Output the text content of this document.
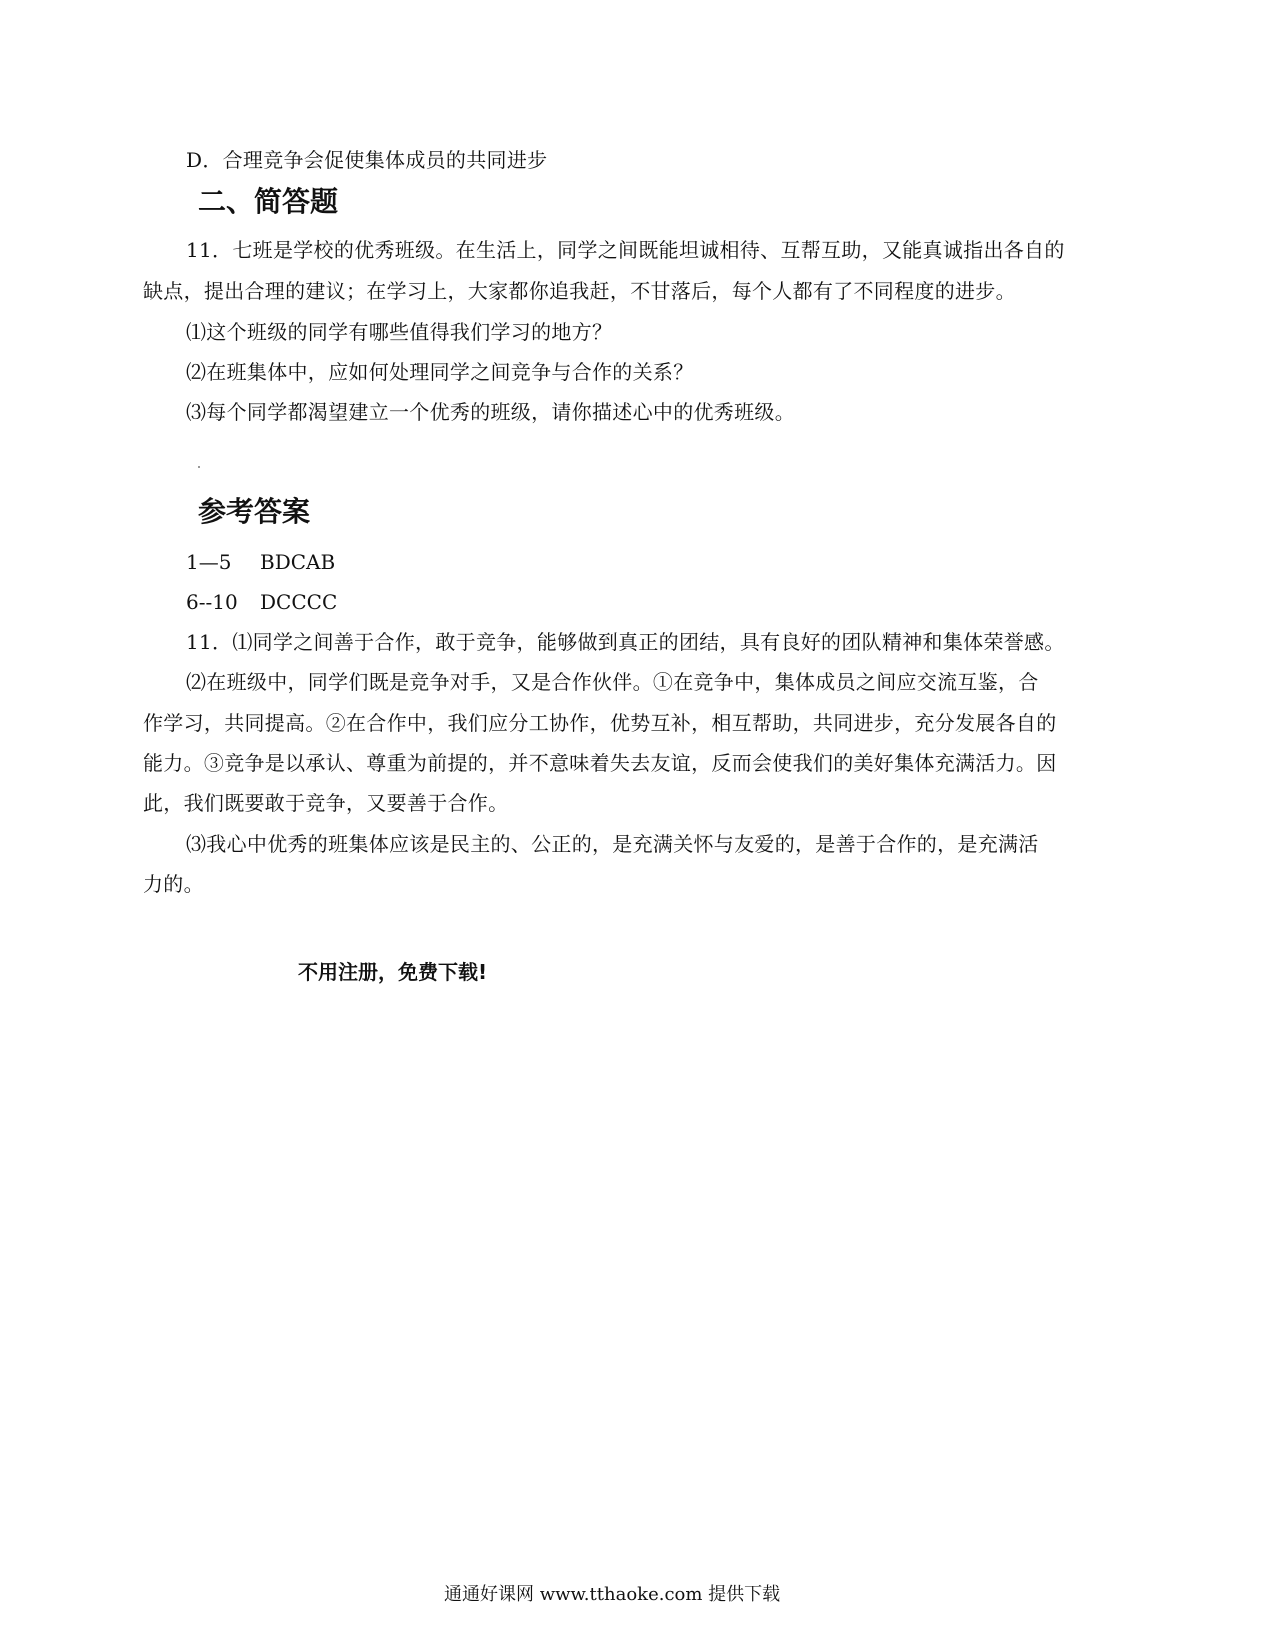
D．合理竞争会促使集体成员的共同进步
二、简答题
11．七班是学校的优秀班级。在生活上，同学之间既能坦诚相待、互帮互助，又能真诚指出各自的
缺点，提出合理的建议；在学习上，大家都你追我赶，不甘落后，每个人都有了不同程度的进步。
⑴这个班级的同学有哪些值得我们学习的地方？
⑵在班集体中，应如何处理同学之间竞争与合作的关系？
⑶每个同学都渴望建立一个优秀的班级，请你描述心中的优秀班级。
参考答案
1—5 BDCAB
6--10 DCCCC
11．⑴同学之间善于合作，敢于竞争，能够做到真正的团结，具有良好的团队精神和集体荣誉感。
⑵在班级中，同学们既是竞争对手，又是合作伙伴。①在竞争中，集体成员之间应交流互鉴，合
作学习，共同提高。②在合作中，我们应分工协作，优势互补，相互帮助，共同进步，充分发展各自的
能力。③竞争是以承认、尊重为前提的，并不意味着失去友谊，反而会使我们的美好集体充满活力。因
此，我们既要敢于竞争，又要善于合作。
⑶我心中优秀的班集体应该是民主的、公正的，是充满关怀与友爱的，是善于合作的，是充满活
力的。
不用注册，免费下载!
通通好课网 www.tthaoke.com 提供下载
